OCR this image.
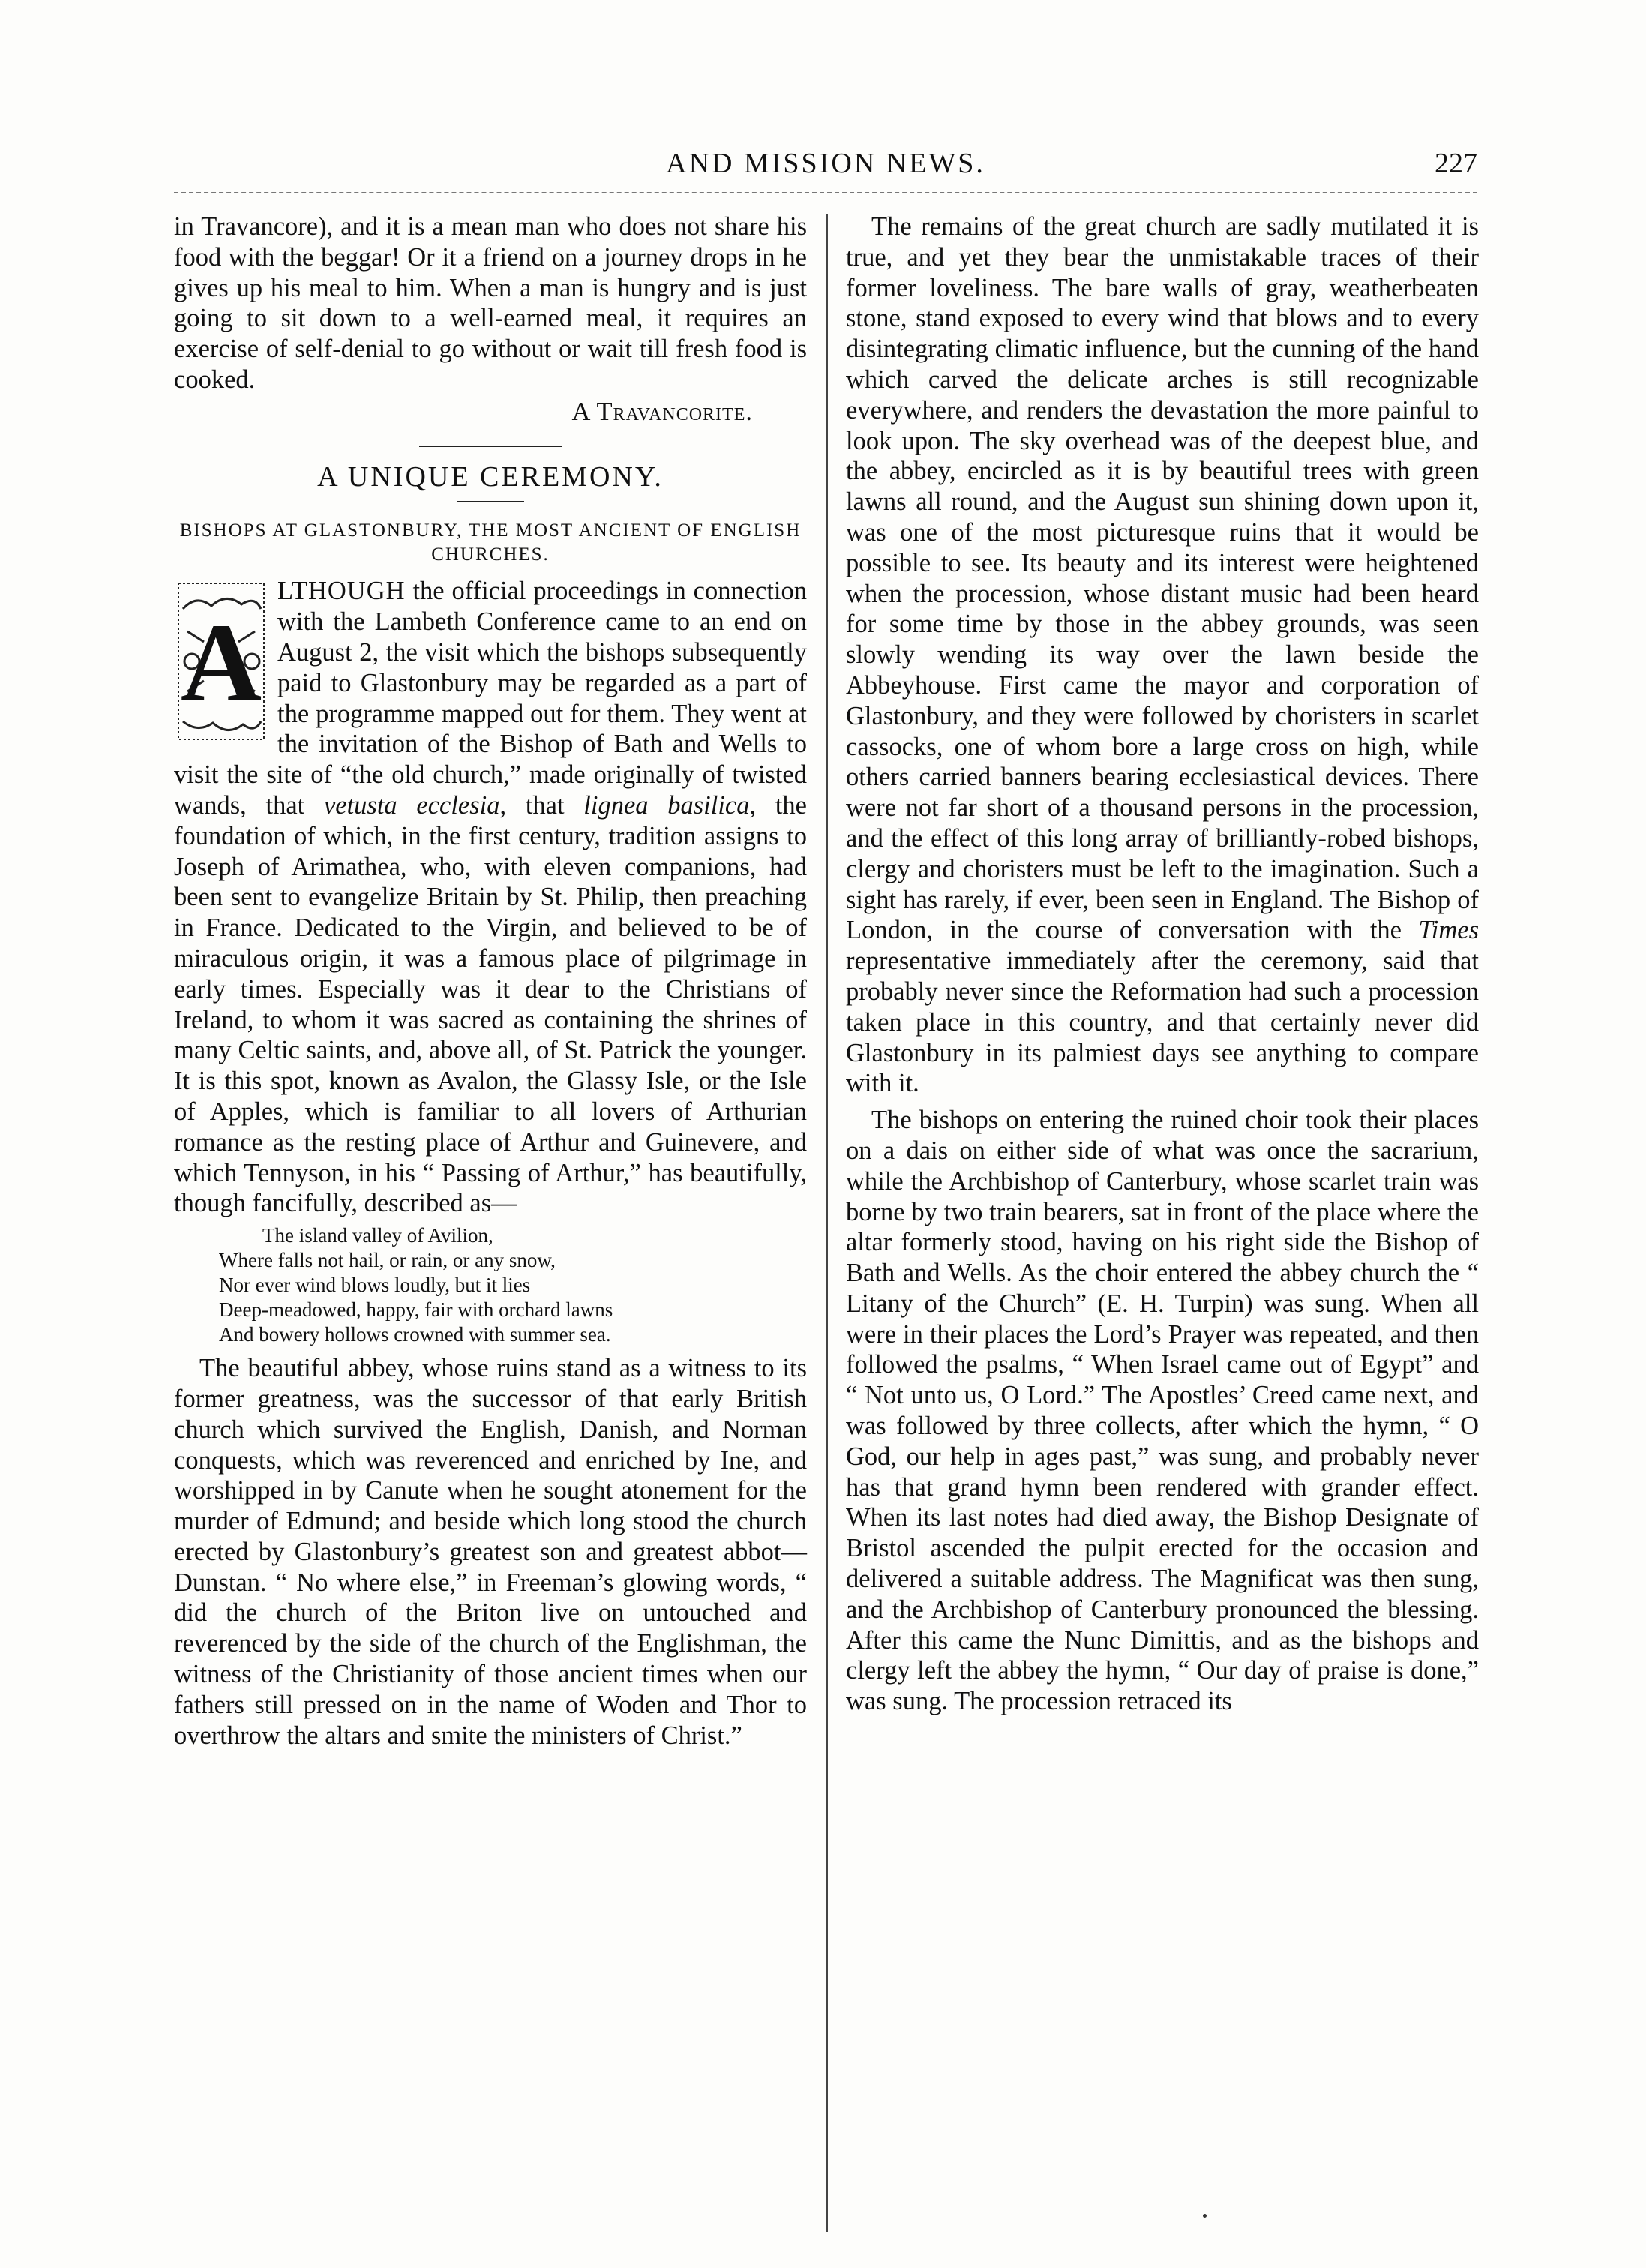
AND MISSION NEWS.	227

in Travancore), and it is a mean man who does not share his food with the beggar! Or it a friend on a journey drops in he gives up his meal to him. When a man is hungry and is just going to sit down to a well-earned meal, it requires an exercise of self-denial to go without or wait till fresh food is cooked.

A Travancorite.
A UNIQUE CEREMONY.
BISHOPS AT GLASTONBURY, THE MOST ANCIENT OF ENGLISH CHURCHES.

A
LTHOUGH the official proceedings in connection with the Lambeth Conference came to an end on August 2, the visit which the bishops subsequently paid to Glastonbury may be regarded as a part of the programme mapped out for them. They went at the invitation of the Bishop of Bath and Wells to visit the site of “the old church,” made originally of twisted wands, that vetusta ecclesia, that lignea basilica, the foundation of which, in the first century, tradition assigns to Joseph of Arimathea, who, with eleven companions, had been sent to evangelize Britain by St. Philip, then preaching in France. Dedicated to the Virgin, and believed to be of miraculous origin, it was a famous place of pilgrimage in early times. Especially was it dear to the Christians of Ireland, to whom it was sacred as containing the shrines of many Celtic saints, and, above all, of St. Patrick the younger. It is this spot, known as Avalon, the Glassy Isle, or the Isle of Apples, which is familiar to all lovers of Arthurian romance as the resting place of Arthur and Guinevere, and which Tennyson, in his “ Passing of Arthur,” has beautifully, though fancifully, described as—

The island valley of Avilion,
Where falls not hail, or rain, or any snow,
Nor ever wind blows loudly, but it lies
Deep-meadowed, happy, fair with orchard lawns
And bowery hollows crowned with summer sea.

The beautiful abbey, whose ruins stand as a witness to its former greatness, was the successor of that early British church which survived the English, Danish, and Norman conquests, which was reverenced and enriched by Ine, and worshipped in by Canute when he sought atonement for the murder of Edmund; and beside which long stood the church erected by Glastonbury’s greatest son and greatest abbot—Dunstan. “ No where else,” in Freeman’s glowing words, “ did the church of the Briton live on untouched and reverenced by the side of the church of the Englishman, the witness of the Christianity of those ancient times when our fathers still pressed on in the name of Woden and Thor to overthrow the altars and smite the ministers of Christ.”

The remains of the great church are sadly mutilated it is true, and yet they bear the unmistakable traces of their former loveliness. The bare walls of gray, weatherbeaten stone, stand exposed to every wind that blows and to every disintegrating climatic influence, but the cunning of the hand which carved the delicate arches is still recognizable everywhere, and renders the devastation the more painful to look upon. The sky overhead was of the deepest blue, and the abbey, encircled as it is by beautiful trees with green lawns all round, and the August sun shining down upon it, was one of the most picturesque ruins that it would be possible to see. Its beauty and its interest were heightened when the procession, whose distant music had been heard for some time by those in the abbey grounds, was seen slowly wending its way over the lawn beside the Abbeyhouse. First came the mayor and corporation of Glastonbury, and they were followed by choristers in scarlet cassocks, one of whom bore a large cross on high, while others carried banners bearing ecclesiastical devices. There were not far short of a thousand persons in the procession, and the effect of this long array of brilliantly-robed bishops, clergy and choristers must be left to the imagination. Such a sight has rarely, if ever, been seen in England. The Bishop of London, in the course of conversation with the Times representative immediately after the ceremony, said that probably never since the Reformation had such a procession taken place in this country, and that certainly never did Glastonbury in its palmiest days see anything to compare with it.

The bishops on entering the ruined choir took their places on a dais on either side of what was once the sacrarium, while the Archbishop of Canterbury, whose scarlet train was borne by two train bearers, sat in front of the place where the altar formerly stood, having on his right side the Bishop of Bath and Wells. As the choir entered the abbey church the “ Litany of the Church” (E. H. Turpin) was sung. When all were in their places the Lord’s Prayer was repeated, and then followed the psalms, “ When Israel came out of Egypt” and “ Not unto us, O Lord.” The Apostles’ Creed came next, and was followed by three collects, after which the hymn, “ O God, our help in ages past,” was sung, and probably never has that grand hymn been rendered with grander effect. When its last notes had died away, the Bishop Designate of Bristol ascended the pulpit erected for the occasion and delivered a suitable address. The Magnificat was then sung, and the Archbishop of Canterbury pronounced the blessing. After this came the Nunc Dimittis, and as the bishops and clergy left the abbey the hymn, “ Our day of praise is done,” was sung. The procession retraced its
